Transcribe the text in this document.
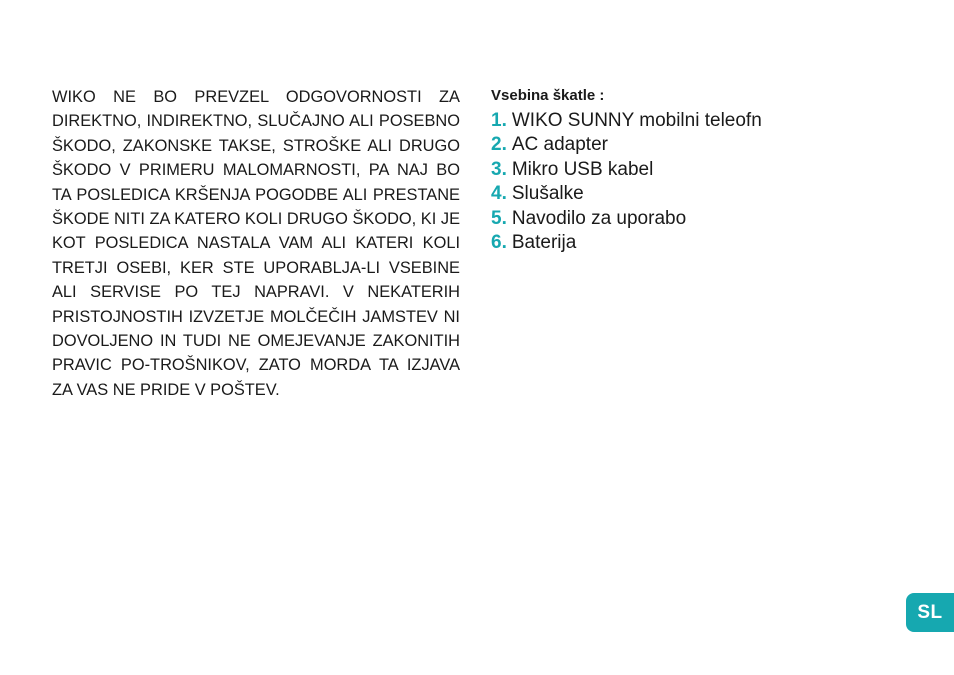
WIKO NE BO PREVZEL ODGOVORNOSTI ZA DIREKTNO, INDIREKTNO, SLUČAJNO ALI POSEBNO ŠKODO, ZAKONSKE TAKSE, STROŠKE ALI DRUGO ŠKODO V PRIMERU MALOMARNOSTI, PA NAJ BO TA POSLEDICA KRŠENJA POGODBE ALI PRESTANE ŠKODE NITI ZA KATERO KOLI DRUGO ŠKODO, KI JE KOT POSLEDICA NASTALA VAM ALI KATERI KOLI TRETJI OSEBI, KER STE UPORABLJA-LI VSEBINE ALI SERVISE PO TEJ NAPRAVI. V NEKATERIH PRISTOJNOSTIH IZVZETJE MOLČEČIH JAMSTEV NI DOVOLJENO IN TUDI NE OMEJEVANJE ZAKONITIH PRAVIC PO-TROŠNIKOV, ZATO MORDA TA IZJAVA ZA VAS NE PRIDE V POŠTEV.

Vsebina škatle :

1. WIKO SUNNY mobilni teleofn
2. AC adapter
3. Mikro USB kabel
4. Slušalke
5. Navodilo za uporabo
6. Baterija
SL
